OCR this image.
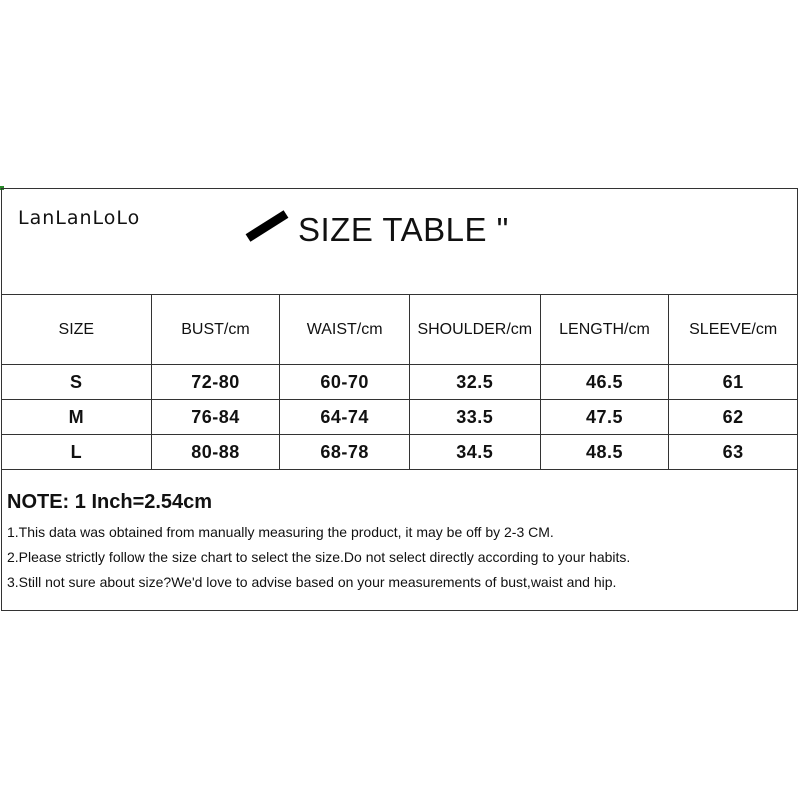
LanLanLoLo	SIZE TABLE "
SIZE	BUST/cm	WAIST/cm	SHOULDER/cm	LENGTH/cm	SLEEVE/cm
S	72-80	60-70	32.5	46.5	61
M	76-84	64-74	33.5	47.5	62
L	80-88	68-78	34.5	48.5	63
NOTE: 1 Inch=2.54cm
1.This data was obtained from manually measuring the product, it may be off by 2-3 CM.
2.Please strictly follow the size chart to select the size.Do not select directly according to your habits.
3.Still not sure about size?We'd love to advise based on your measurements of bust,waist and hip.
